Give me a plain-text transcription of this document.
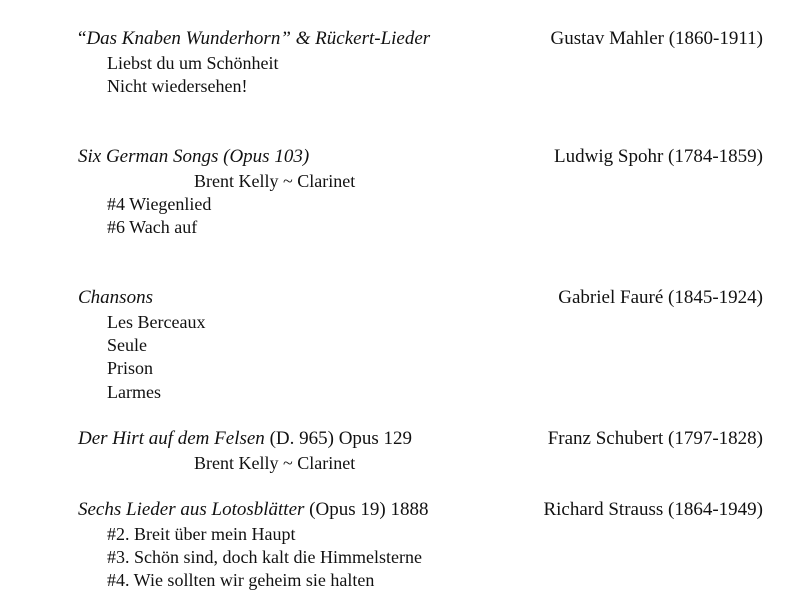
“Das Knaben Wunderhorn” & Rückert-Lieder	Gustav Mahler (1860-1911)
Liebst du um Schönheit
Nicht wiedersehen!
Six German Songs (Opus 103)	Ludwig Spohr (1784-1859)
Brent Kelly ~ Clarinet
#4 Wiegenlied
#6 Wach auf
Chansons	Gabriel Fauré (1845-1924)
Les Berceaux
Seule
Prison
Larmes
Der Hirt auf dem Felsen (D. 965) Opus 129	Franz Schubert (1797-1828)
Brent Kelly ~ Clarinet
Sechs Lieder aus Lotosblätter (Opus 19) 1888	Richard Strauss (1864-1949)
#2. Breit über mein Haupt
#3. Schön sind, doch kalt die Himmelsterne
#4. Wie sollten wir geheim sie halten
